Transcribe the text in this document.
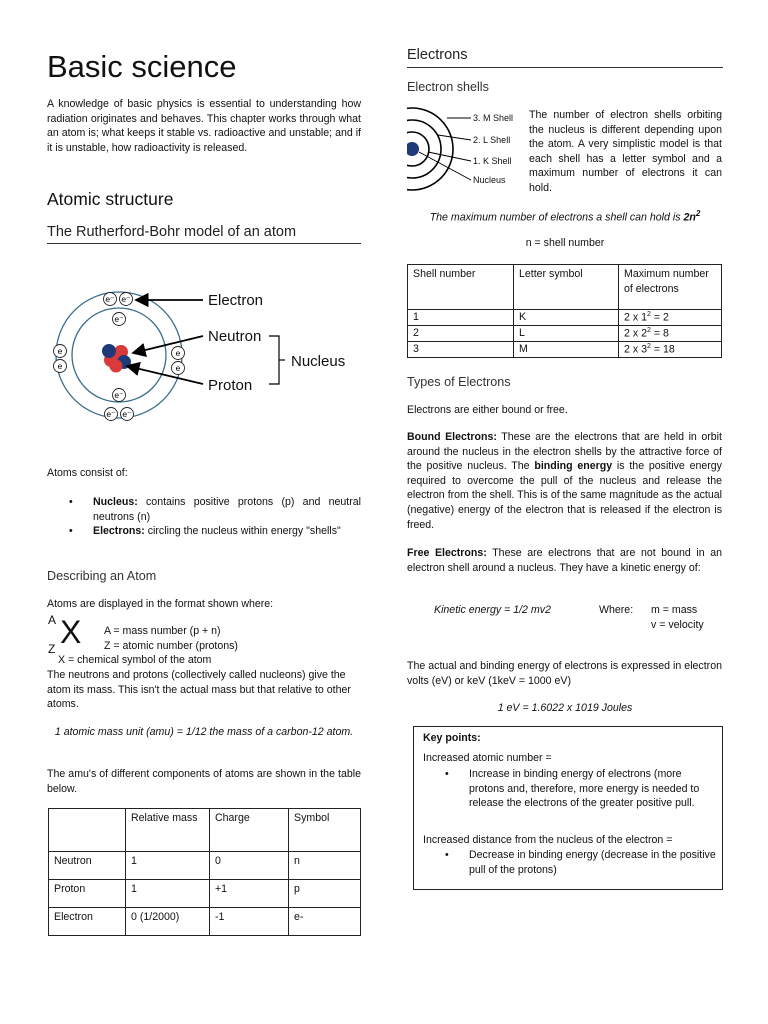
Basic science
A knowledge of basic physics is essential to understanding how radiation originates and behaves. This chapter works through what an atom is; what keeps it stable vs. radioactive and unstable; and if it is unstable, how radioactivity is released.
Atomic structure
The Rutherford-Bohr model of an atom
e⁻ e⁻
e⁻
e
e
e
e
e⁻
e⁻ e⁻
Electron
Neutron
Proton
Nucleus
Atoms consist of:
• Nucleus: contains positive protons (p) and neutral neutrons (n)
• Electrons: circling the nucleus within energy "shells"
Describing an Atom
Atoms are displayed in the format shown where:
A X
Z
A = mass number (p + n)
Z = atomic number (protons)
X = chemical symbol of the atom
The neutrons and protons (collectively called nucleons) give the atom its mass. This isn't the actual mass but that relative to other atoms.
1 atomic mass unit (amu) = 1/12 the mass of a carbon-12 atom.
The amu's of different components of atoms are shown in the table below.
	Relative mass	Charge	Symbol
Neutron	1	0	n
Proton	1	+1	p
Electron	0 (1/2000)	-1	e-
Electrons
Electron shells
3. M Shell
2. L Shell
1. K Shell
Nucleus
The number of electron shells orbiting the nucleus is different depending upon the atom. A very simplistic model is that each shell has a letter symbol and a maximum number of electrons it can hold.
The maximum number of electrons a shell can hold is $2n^2$
n = shell number
Shell number	Letter symbol	Maximum number of electrons
1	K	2 x $1^2 = 2$
2	L	2 x $2^2 = 8$
3	M	2 x $3^2 = 18$
Types of Electrons
Electrons are either bound or free.
Bound Electrons: These are the electrons that are held in orbit around the nucleus in the electron shells by the attractive force of the positive nucleus. The binding energy is the positive energy required to overcome the pull of the nucleus and release the electron from the shell. This is of the same magnitude as the actual (negative) energy of the electron that is released if the electron is freed.
Free Electrons: These are electrons that are not bound in an electron shell around a nucleus. They have a kinetic energy of:
Kinetic energy = 1/2 mv2	Where: m = mass
v = velocity
The actual and binding energy of electrons is expressed in electron volts (eV) or keV (1keV = 1000 eV)
1 eV = 1.6022 x 1019 Joules
Key points:
Increased atomic number =
• Increase in binding energy of electrons (more protons and, therefore, more energy is needed to release the electrons of the greater positive pull.
Increased distance from the nucleus of the electron =
• Decrease in binding energy (decrease in the positive pull of the protons)
